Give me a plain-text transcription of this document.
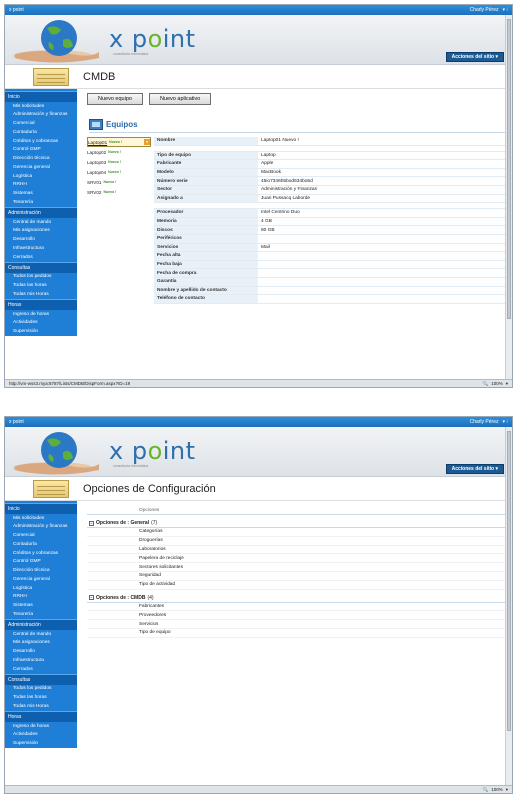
x point	Charly Pérez ▾ ⁝
x point
consultoría informática	Acciones del sitio ▾
CMDB
Inicio
Mis solicitudes
Administración y finanzas
Comercial
Contaduría
Créditos y cobranzas
Control GMP
Dirección técnica
Gerencia general
Logística
RRHH
Sistemas
Tesorería
Administración
Central de mando
Mis asignaciones
Desarrollo
Infraestructura
Cerrados
Consultas
Todos los pedidos
Todas las horas
Todas mis Horas
Horas
Ingreso de horas
Actividades
Supervisión
Nuevo equipo	Nuevo aplicativo
Equipos
Laptop01 Nuevo !	▾
Laptop02 Nuevo !
Laptop03 Nuevo !
Laptop04 Nuevo !
SRV01 Nuevo !
SRV02 Nuevo !
Nombre	Laptop01 Nuevo !
Tipo de equipo	Laptop
Fabricante	Apple
Modelo	MacBook
Número serie	45io7346h5bod634bo5d
Sector	Administración y Finanzas
Asignado a	Juan Pussacq Laborde
Procesador	Intel Centrino Duo
Memoria	4 GB
Discos	80 GB
Periféricos
Servicios	Mail
Fecha alta
Fecha baja
Fecha de compra
Garantía
Nombre y apellido de contacto
Teléfono de contacto
http://vm-wss3.rsya:8787/Lists/CMDB/DispForm.aspx?ID=19	🔍 100% ▾
x point	Charly Pérez ▾ ⁝
x point
consultoría informática	Acciones del sitio ▾
Opciones de Configuración
Inicio
Mis solicitudes
Administración y finanzas
Comercial
Contaduría
Créditos y cobranzas
Control GMP
Dirección técnica
Gerencia general
Logística
RRHH
Sistemas
Tesorería
Administración
Central de mando
Mis asignaciones
Desarrollo
Infraestructura
Cerrados
Consultas
Todos los pedidos
Todas las horas
Todas mis Horas
Horas
Ingreso de horas
Actividades
Supervisión
Opciones
− Opciones de : General (7)
Categorías
Droguerías
Laboratorios
Papelera de reciclaje
Sectores solicitantes
Seguridad
Tipo de actividad
− Opciones de : CMDB (4)
Fabricantes
Proveedores
Servicios
Tipo de equipo
🔍 100% ▾
